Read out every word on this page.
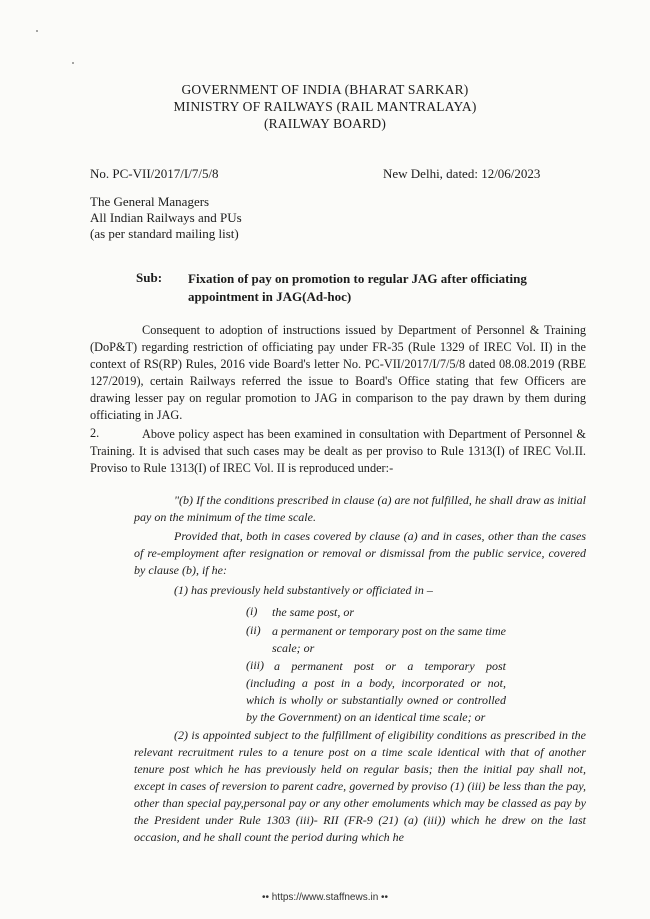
GOVERNMENT OF INDIA (BHARAT SARKAR)
MINISTRY OF RAILWAYS (RAIL MANTRALAYA)
(RAILWAY BOARD)
No. PC-VII/2017/I/7/5/8	New Delhi, dated: 12/06/2023
The General Managers
All Indian Railways and PUs
(as per standard mailing list)
Sub: Fixation of pay on promotion to regular JAG after officiating appointment in JAG(Ad-hoc)
Consequent to adoption of instructions issued by Department of Personnel & Training (DoP&T) regarding restriction of officiating pay under FR-35 (Rule 1329 of IREC Vol. II) in the context of RS(RP) Rules, 2016 vide Board's letter No. PC-VII/2017/I/7/5/8 dated 08.08.2019 (RBE 127/2019), certain Railways referred the issue to Board's Office stating that few Officers are drawing lesser pay on regular promotion to JAG in comparison to the pay drawn by them during officiating in JAG.
2.	Above policy aspect has been examined in consultation with Department of Personnel & Training. It is advised that such cases may be dealt as per proviso to Rule 1313(I) of IREC Vol.II. Proviso to Rule 1313(I) of IREC Vol. II is reproduced under:-
"(b) If the conditions prescribed in clause (a) are not fulfilled, he shall draw as initial pay on the minimum of the time scale.
Provided that, both in cases covered by clause (a) and in cases, other than the cases of re-employment after resignation or removal or dismissal from the public service, covered by clause (b), if he:
(1) has previously held substantively or officiated in –
(i) the same post, or
(ii) a permanent or temporary post on the same time scale; or
(iii) a permanent post or a temporary post (including a post in a body, incorporated or not, which is wholly or substantially owned or controlled by the Government) on an identical time scale; or
(2) is appointed subject to the fulfillment of eligibility conditions as prescribed in the relevant recruitment rules to a tenure post on a time scale identical with that of another tenure post which he has previously held on regular basis; then the initial pay shall not, except in cases of reversion to parent cadre, governed by proviso (1) (iii) be less than the pay, other than special pay,personal pay or any other emoluments which may be classed as pay by the President under Rule 1303 (iii)- RII (FR-9 (21) (a) (iii)) which he drew on the last occasion, and he shall count the period during which he
•• https://www.staffnews.in ••
